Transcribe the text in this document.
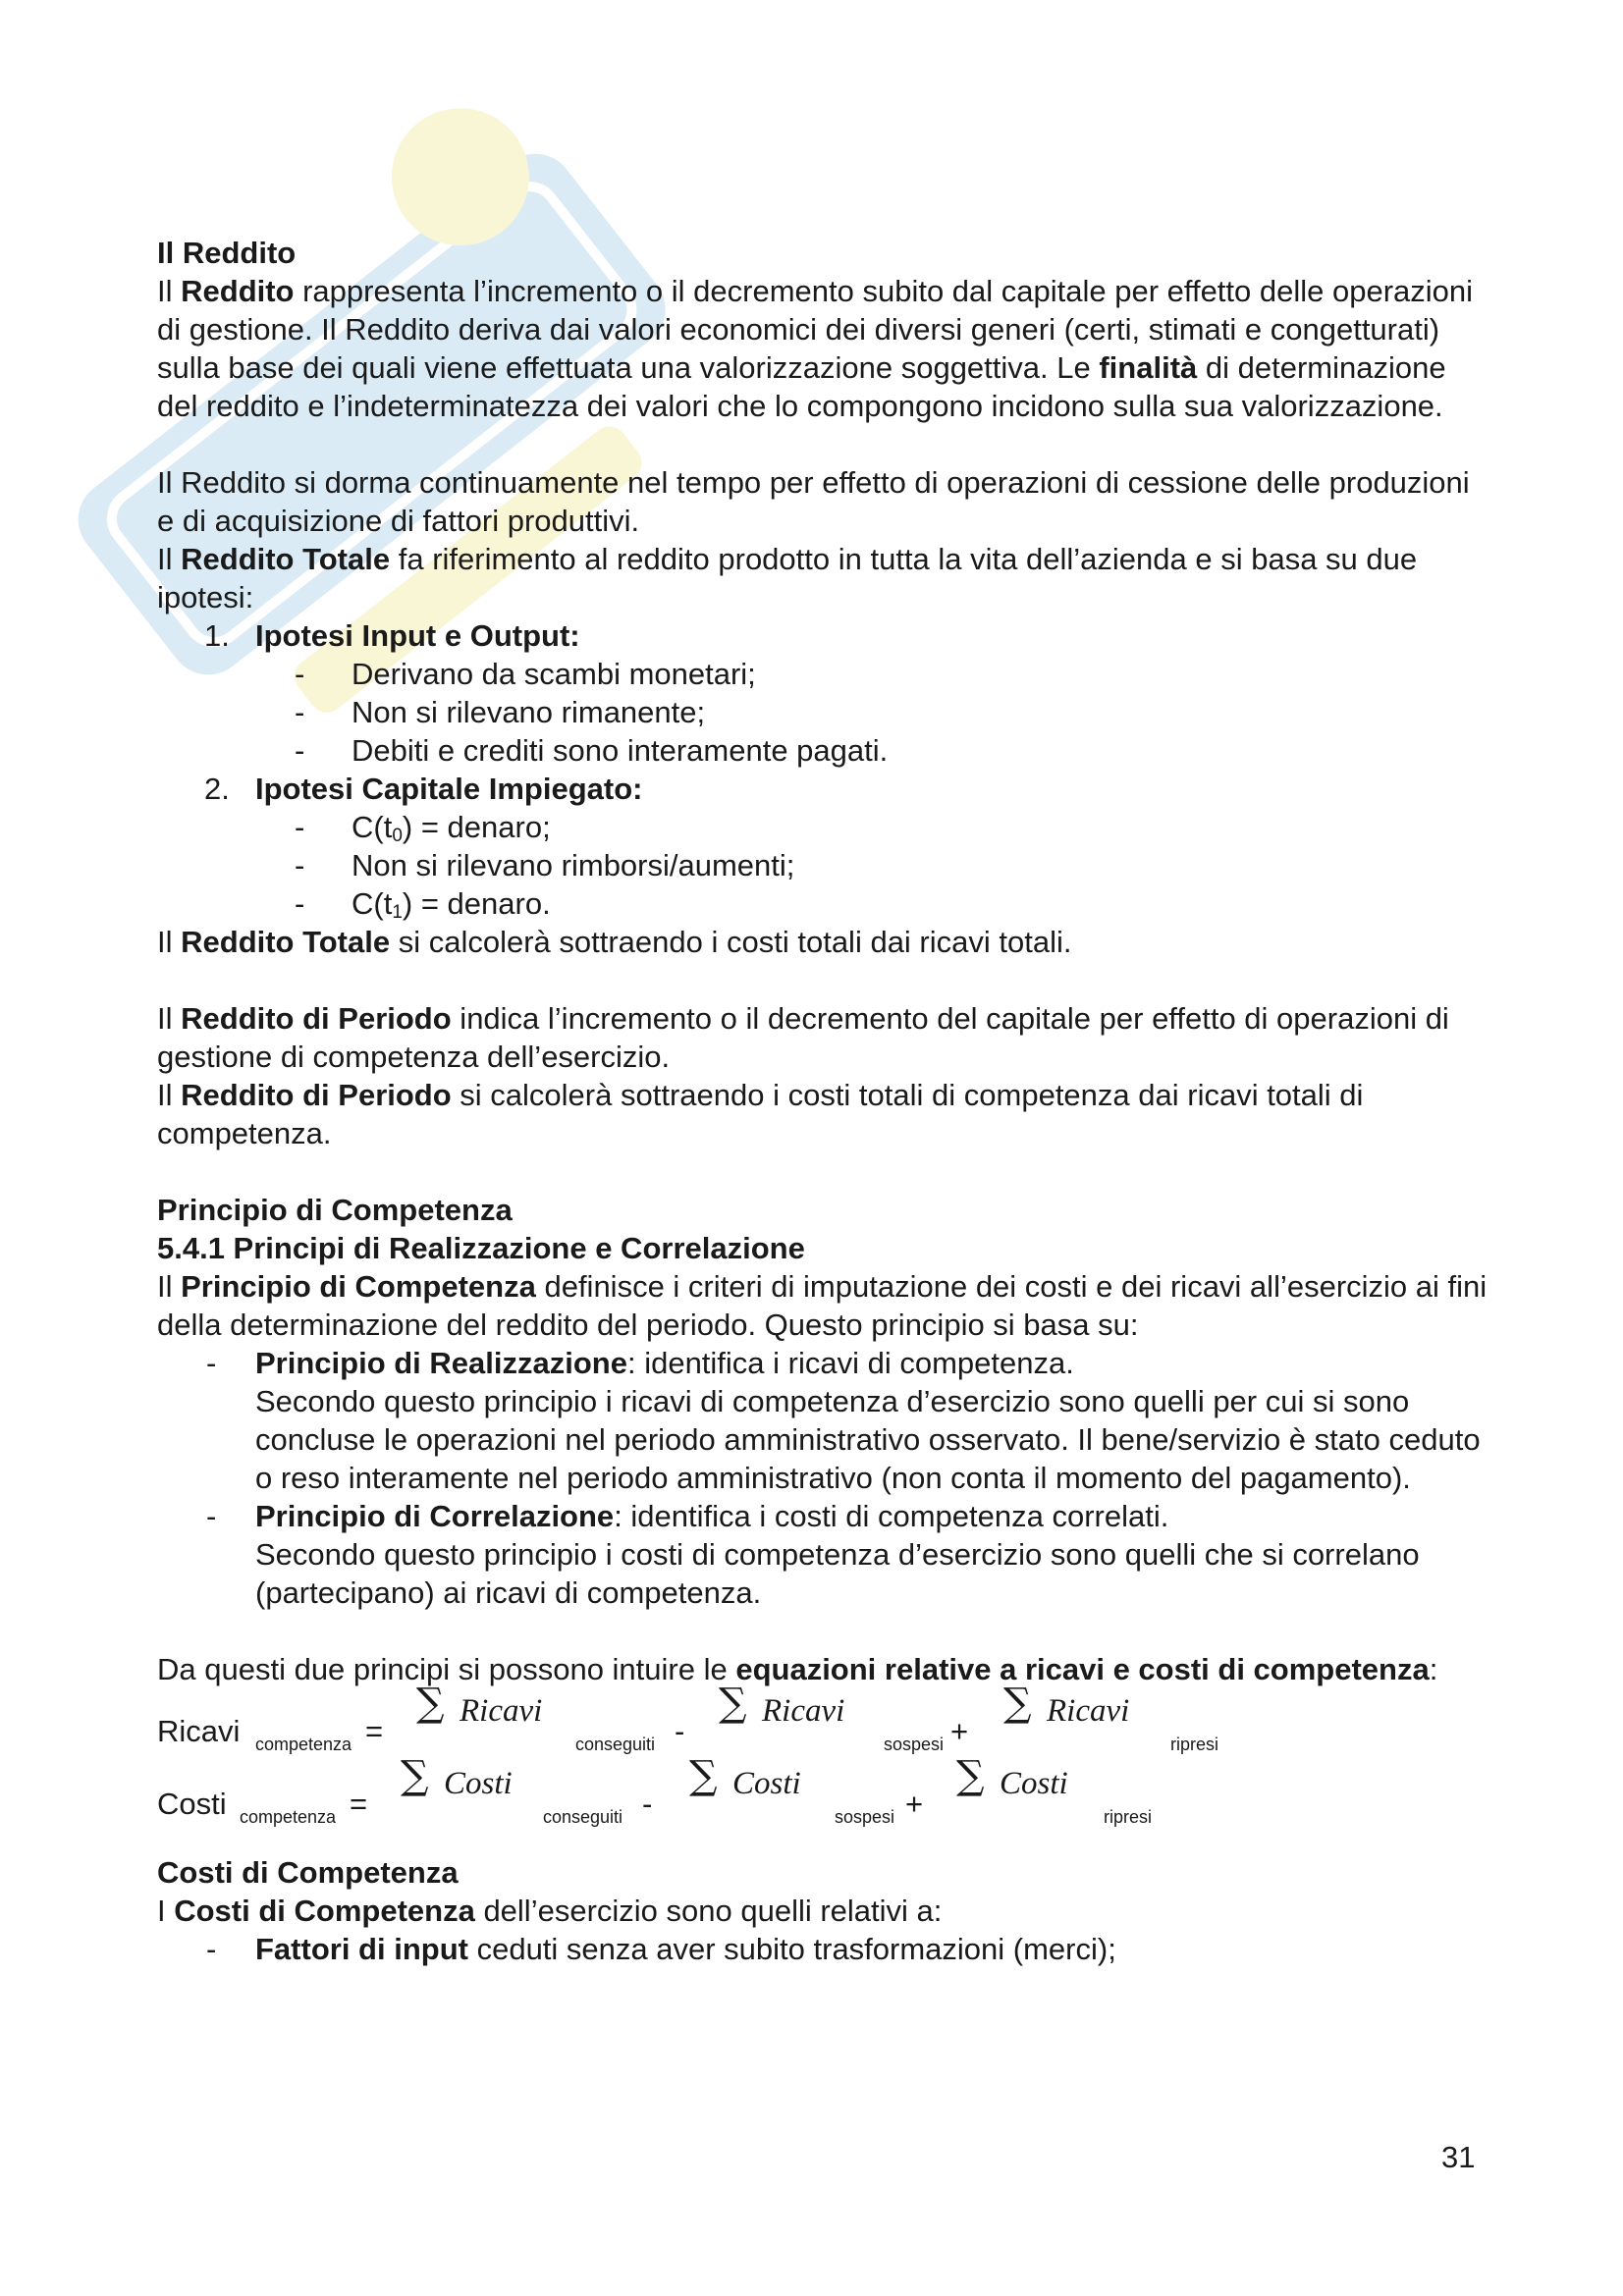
Il Reddito

Il Reddito rappresenta l’incremento o il decremento subito dal capitale per effetto delle operazioni di gestione. Il Reddito deriva dai valori economici dei diversi generi (certi, stimati e congetturati) sulla base dei quali viene effettuata una valorizzazione soggettiva. Le finalità di determinazione del reddito e l’indeterminatezza dei valori che lo compongono incidono sulla sua valorizzazione.

Il Reddito si dorma continuamente nel tempo per effetto di operazioni di cessione delle produzioni e di acquisizione di fattori produttivi.

Il Reddito Totale fa riferimento al reddito prodotto in tutta la vita dell’azienda e si basa su due ipotesi:

1. Ipotesi Input e Output:
- Derivano da scambi monetari;
- Non si rilevano rimanente;
- Debiti e crediti sono interamente pagati.
2. Ipotesi Capitale Impiegato:
- $C(t_0)$ = denaro;
- Non si rilevano rimborsi/aumenti;
- $C(t_1)$ = denaro.

Il Reddito Totale si calcolerà sottraendo i costi totali dai ricavi totali.

Il Reddito di Periodo indica l’incremento o il decremento del capitale per effetto di operazioni di gestione di competenza dell’esercizio.

Il Reddito di Periodo si calcolerà sottraendo i costi totali di competenza dai ricavi totali di competenza.

Principio di Competenza

5.4.1 Principi di Realizzazione e Correlazione

Il Principio di Competenza definisce i criteri di imputazione dei costi e dei ricavi all’esercizio ai fini della determinazione del reddito del periodo. Questo principio si basa su:

- Principio di Realizzazione: identifica i ricavi di competenza.
Secondo questo principio i ricavi di competenza d’esercizio sono quelli per cui si sono concluse le operazioni nel periodo amministrativo osservato. Il bene/servizio è stato ceduto o reso interamente nel periodo amministrativo (non conta il momento del pagamento).
- Principio di Correlazione: identifica i costi di competenza correlati.
Secondo questo principio i costi di competenza d’esercizio sono quelli che si correlano (partecipano) ai ricavi di competenza.

Da questi due principi si possono intuire le equazioni relative a ricavi e costi di competenza:

Ricavi competenza =
∑ Ricavi
conseguiti -
∑ Ricavi
sospesi +
∑ Ricavi
ripresi
Costi competenza =
∑ Costi
conseguiti -
∑ Costi
sospesi +
∑ Costi
ripresi

Costi di Competenza

I Costi di Competenza dell’esercizio sono quelli relativi a:

- Fattori di input ceduti senza aver subito trasformazioni (merci);
31
